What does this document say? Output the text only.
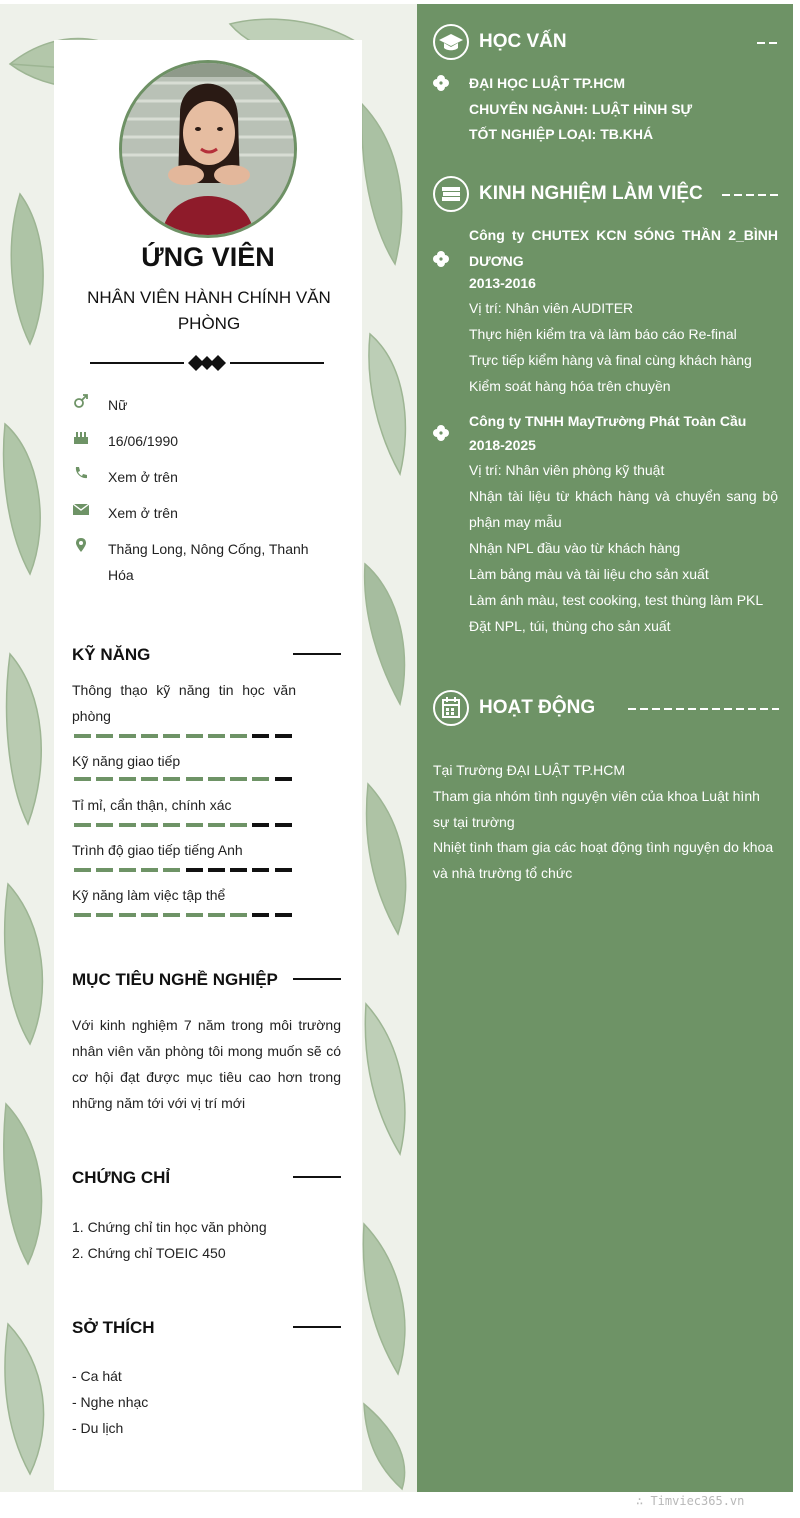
ỨNG VIÊN
NHÂN VIÊN HÀNH CHÍNH VĂN PHÒNG
Nữ
16/06/1990
Xem ở trên
Xem ở trên
Thăng Long, Nông Cống, Thanh Hóa
KỸ NĂNG
Thông thạo kỹ năng tin học văn phòng
Kỹ năng giao tiếp
Tỉ mỉ, cẩn thận, chính xác
Trình độ giao tiếp tiếng Anh
Kỹ năng làm việc tập thể
MỤC TIÊU NGHỀ NGHIỆP
Với kinh nghiệm 7 năm trong môi trường nhân viên văn phòng tôi mong muốn sẽ có cơ hội đạt được mục tiêu cao hơn trong những năm tới với vị trí mới
CHỨNG CHỈ
1. Chứng chỉ tin học văn phòng
2. Chứng chỉ TOEIC 450
SỞ THÍCH
- Ca hát
- Nghe nhạc
- Du lịch
HỌC VẤN
ĐẠI HỌC LUẬT TP.HCM
CHUYÊN NGÀNH: LUẬT HÌNH SỰ
TỐT NGHIỆP LOẠI: TB.KHÁ
KINH NGHIỆM LÀM VIỆC
Công ty CHUTEX KCN SÓNG THẦN 2_BÌNH DƯƠNG
2013-2016
Vị trí: Nhân viên AUDITER
Thực hiện kiểm tra và làm báo cáo Re-final
Trực tiếp kiểm hàng và final cùng khách hàng
Kiểm soát hàng hóa trên chuyền
Công ty TNHH MayTrường Phát Toàn Cầu
2018-2025
Vị trí: Nhân viên phòng kỹ thuật
Nhận tài liệu từ khách hàng và chuyển sang bộ phận may mẫu
Nhận NPL đầu vào từ khách hàng
Làm bảng màu và tài liệu cho sản xuất
Làm ánh màu, test cooking, test thùng làm PKL
Đặt NPL, túi, thùng cho sản xuất
HOẠT ĐỘNG
Tại Trường ĐẠI LUẬT TP.HCM
Tham gia nhóm tình nguyện viên của khoa Luật hình sự tại trường
Nhiệt tình tham gia các hoạt động tình nguyện do khoa và nhà trường tổ chức
∴ Timviec365.vn
